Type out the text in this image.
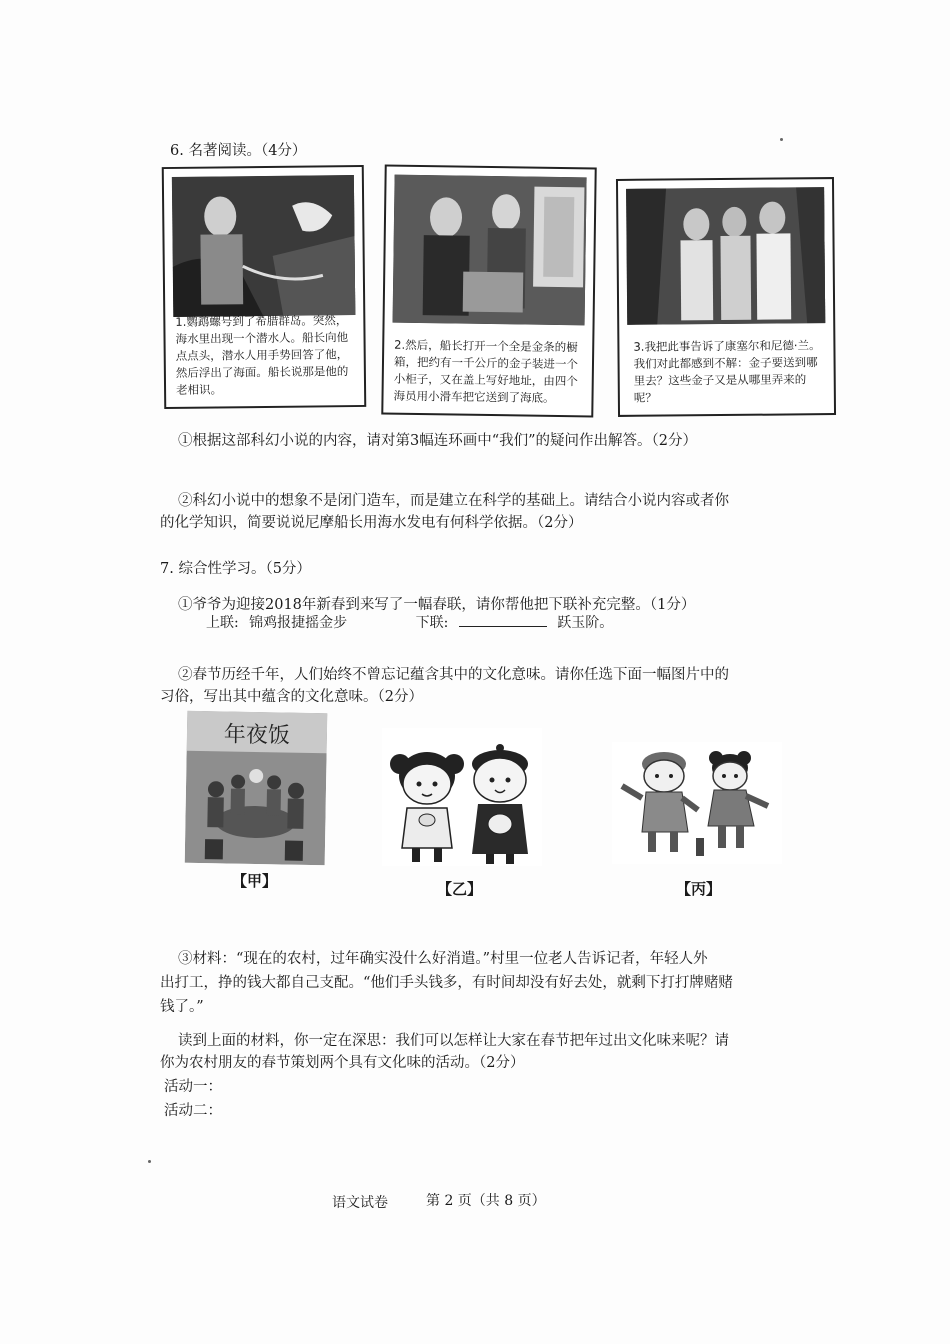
6. 名著阅读。（4分）
1.鹦鹉螺号到了希腊群岛。突然，海水里出现一个潜水人。船长向他点点头，潜水人用手势回答了他，然后浮出了海面。船长说那是他的老相识。
2.然后，船长打开一个全是金条的橱箱，把约有一千公斤的金子装进一个小柜子，又在盖上写好地址，由四个海员用小滑车把它送到了海底。
3.我把此事告诉了康塞尔和尼德·兰。我们对此都感到不解：金子要送到哪里去？这些金子又是从哪里弄来的呢？
①根据这部科幻小说的内容，请对第3幅连环画中“我们”的疑问作出解答。（2分）
②科幻小说中的想象不是闭门造车，而是建立在科学的基础上。请结合小说内容或者你
的化学知识，简要说说尼摩船长用海水发电有何科学依据。（2分）
7. 综合性学习。（5分）
①爷爷为迎接2018年新春到来写了一幅春联，请你帮他把下联补充完整。（1分）
上联: 锦鸡报捷摇金步	下联:	跃玉阶。
②春节历经千年，人们始终不曾忘记蕴含其中的文化意味。请你任选下面一幅图片中的
习俗，写出其中蕴含的文化意味。（2分）
年夜饭
【甲】	【乙】	【丙】
③材料：“现在的农村，过年确实没什么好消遣。”村里一位老人告诉记者，年轻人外
出打工，挣的钱大都自己支配。“他们手头钱多，有时间却没有好去处，就剩下打打牌赌赌
钱了。”
读到上面的材料，你一定在深思：我们可以怎样让大家在春节把年过出文化味来呢？请
你为农村朋友的春节策划两个具有文化味的活动。（2分）
活动一：
活动二：
语文试卷	第 2 页（共 8 页）
